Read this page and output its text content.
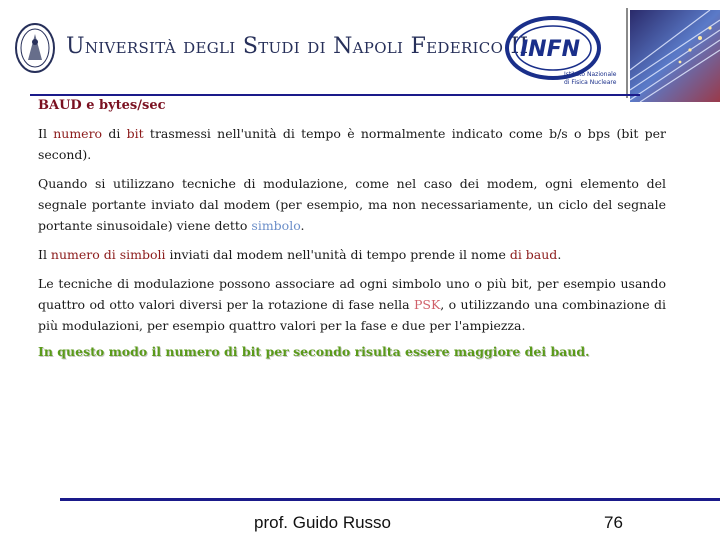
Università degli Studi di Napoli Federico II
INFN
Istituto Nazionale
di Fisica Nucleare
BAUD e bytes/sec

Il numero di bit trasmessi nell'unità di tempo è normalmente indicato come b/s o bps (bit per second).

Quando si utilizzano tecniche di modulazione, come nel caso dei modem, ogni elemento del segnale portante inviato dal modem (per esempio, ma non necessariamente, un ciclo del segnale portante sinusoidale) viene detto simbolo.

Il numero di simboli inviati dal modem nell'unità di tempo prende il nome di baud.

Le tecniche di modulazione possono associare ad ogni simbolo uno o più bit, per esempio usando quattro od otto valori diversi per la rotazione di fase nella PSK, o utilizzando una combinazione di più modulazioni, per esempio quattro valori per la fase e due per l'ampiezza.

In questo modo il numero di bit per secondo risulta essere maggiore dei baud.
prof. Guido Russo	76
